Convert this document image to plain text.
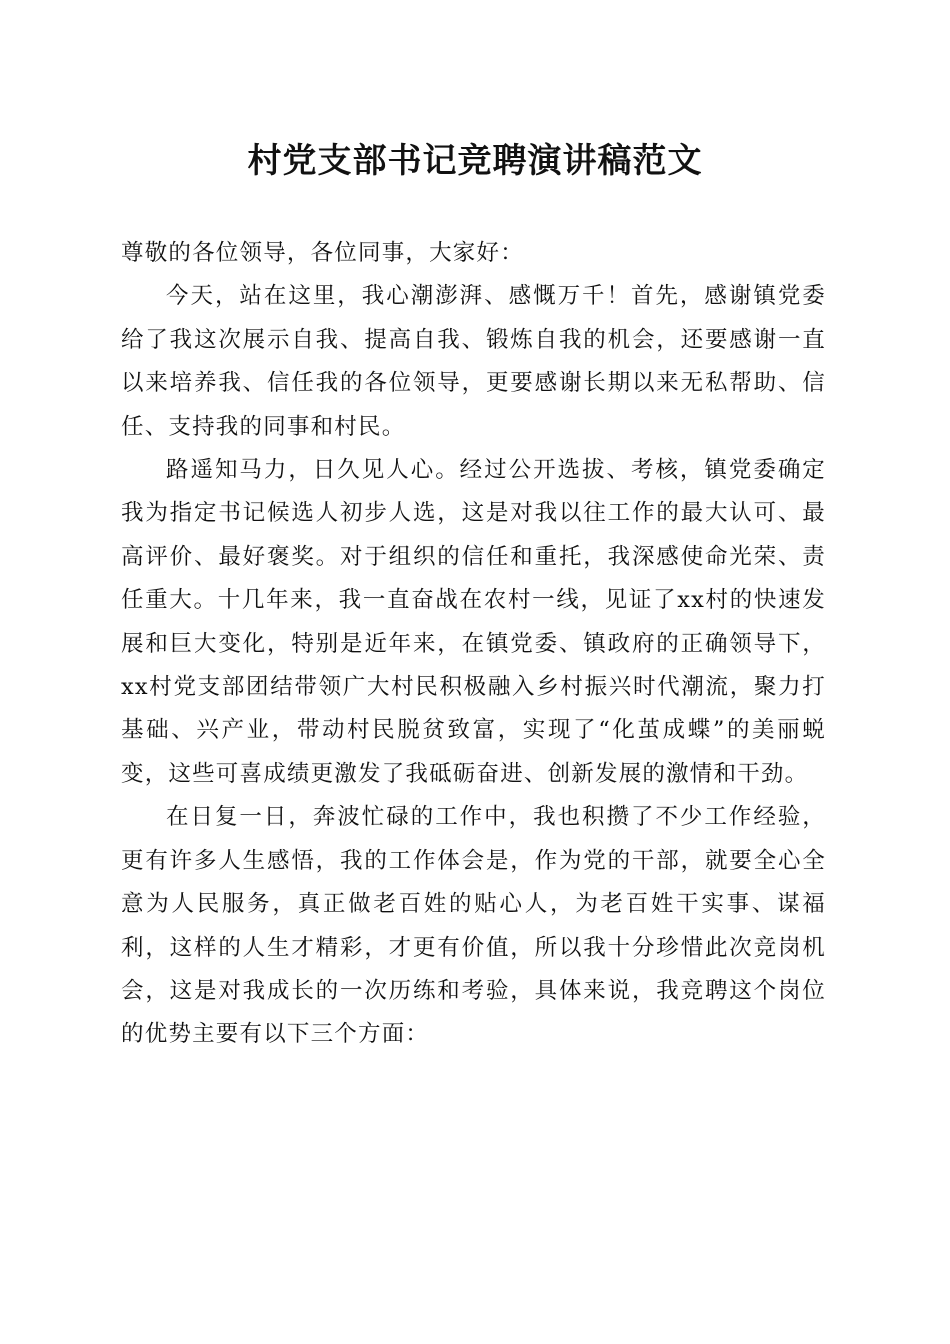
村党支部书记竞聘演讲稿范文

尊敬的各位领导，各位同事，大家好：

今天，站在这里，我心潮澎湃、感慨万千！首先，感谢镇党委给了我这次展示自我、提高自我、锻炼自我的机会，还要感谢一直以来培养我、信任我的各位领导，更要感谢长期以来无私帮助、信任、支持我的同事和村民。

路遥知马力，日久见人心。经过公开选拔、考核，镇党委确定我为指定书记候选人初步人选，这是对我以往工作的最大认可、最高评价、最好褒奖。对于组织的信任和重托，我深感使命光荣、责任重大。十几年来，我一直奋战在农村一线，见证了xx村的快速发展和巨大变化，特别是近年来，在镇党委、镇政府的正确领导下，xx村党支部团结带领广大村民积极融入乡村振兴时代潮流，聚力打基础、兴产业，带动村民脱贫致富，实现了“化茧成蝶”的美丽蜕变，这些可喜成绩更激发了我砥砺奋进、创新发展的激情和干劲。

在日复一日，奔波忙碌的工作中，我也积攒了不少工作经验，更有许多人生感悟，我的工作体会是，作为党的干部，就要全心全意为人民服务，真正做老百姓的贴心人，为老百姓干实事、谋福利，这样的人生才精彩，才更有价值，所以我十分珍惜此次竞岗机会，这是对我成长的一次历练和考验，具体来说，我竞聘这个岗位的优势主要有以下三个方面：
